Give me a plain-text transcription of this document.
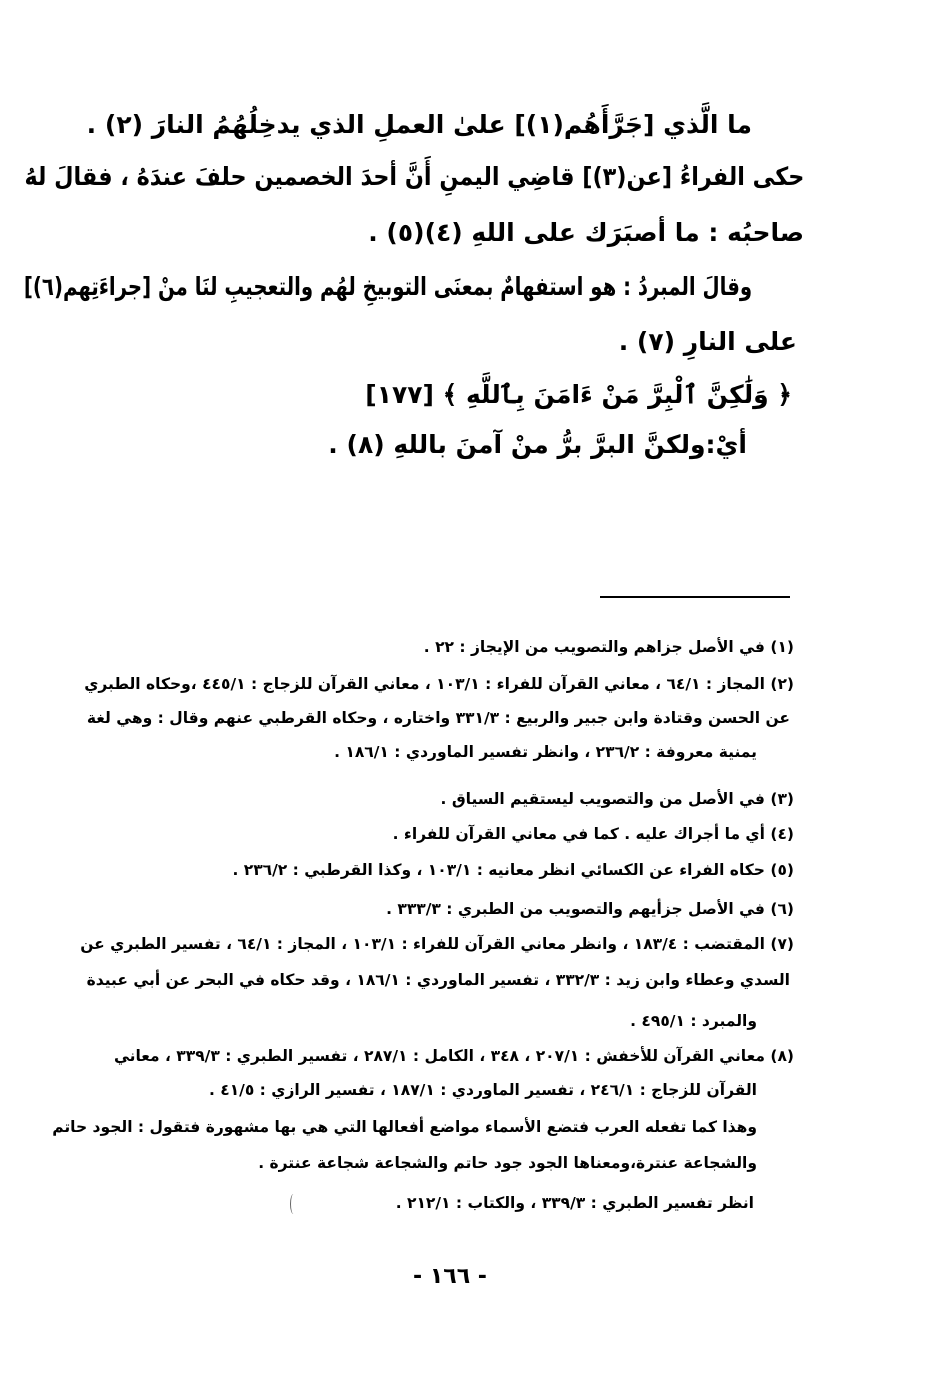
ما الَّذي [جَرَّأَهُم(١)] علىٰ العملِ الذي يدخِلُهُمُ النارَ (٢) .
حكى الفراءُ [عن(٣)] قاضِي اليمنِ أَنَّ أحدَ الخصمين حلفَ عندَهُ ، فقالَ لهُ
صاحبُه : ما أصبَرَك على اللهِ (٤)(٥) .
وقالَ المبردُ : هو استفهامٌ بمعنَى التوبيخِ لهُم والتعجيبِ لنَا منْ [جراءَتِهم(٦)]
على النارِ (٧) .
﴿ وَلَٰكِنَّ ٱلْبِرَّ مَنْ ءَامَنَ بِٱللَّهِ ﴾ [١٧٧]
أيْ:ولكنَّ البرَّ برُّ منْ آمنَ باللهِ (٨) .
(١) في الأصل جزاهم والتصويب من الإيجاز : ٢٢ .
(٢) المجاز : ٦٤/١ ، معاني القرآن للفراء : ١٠٣/١ ، معاني القرآن للزجاج : ٤٤٥/١ ،وحكاه الطبري
عن الحسن وقتادة وابن جبير والربيع : ٣٣١/٣ واختاره ، وحكاه القرطبي عنهم وقال : وهي لغة
يمنية معروفة : ٢٣٦/٢ ، وانظر تفسير الماوردي : ١٨٦/١ .
(٣) في الأصل من والتصويب ليستقيم السياق .
(٤) أي ما أجراك عليه . كما في معاني القرآن للفراء .
(٥) حكاه الفراء عن الكسائي انظر معانيه : ١٠٣/١ ، وكذا القرطبي : ٢٣٦/٢ .
(٦) في الأصل جزأيهم والتصويب من الطبري : ٣٣٣/٣ .
(٧) المقتضب : ١٨٣/٤ ، وانظر معاني القرآن للفراء : ١٠٣/١ ، المجاز : ٦٤/١ ، تفسير الطبري عن
السدي وعطاء وابن زيد : ٣٣٢/٣ ، تفسير الماوردي : ١٨٦/١ ، وقد حكاه في البحر عن أبي عبيدة
والمبرد : ٤٩٥/١ .
(٨) معاني القرآن للأخفش : ٢٠٧/١ ، ٣٤٨ ، الكامل : ٢٨٧/١ ، تفسير الطبري : ٣٣٩/٣ ، معاني
القرآن للزجاج : ٢٤٦/١ ، تفسير الماوردي : ١٨٧/١ ، تفسير الرازي : ٤١/٥ .
وهذا كما تفعله العرب فتضع الأسماء مواضع أفعالها التي هي بها مشهورة فتقول : الجود حاتم
والشجاعة عنترة،ومعناها الجود جود حاتم والشجاعة شجاعة عنترة .
انظر تفسير الطبري : ٣٣٩/٣ ، والكتاب : ٢١٢/١ .
- ١٦٦ -
